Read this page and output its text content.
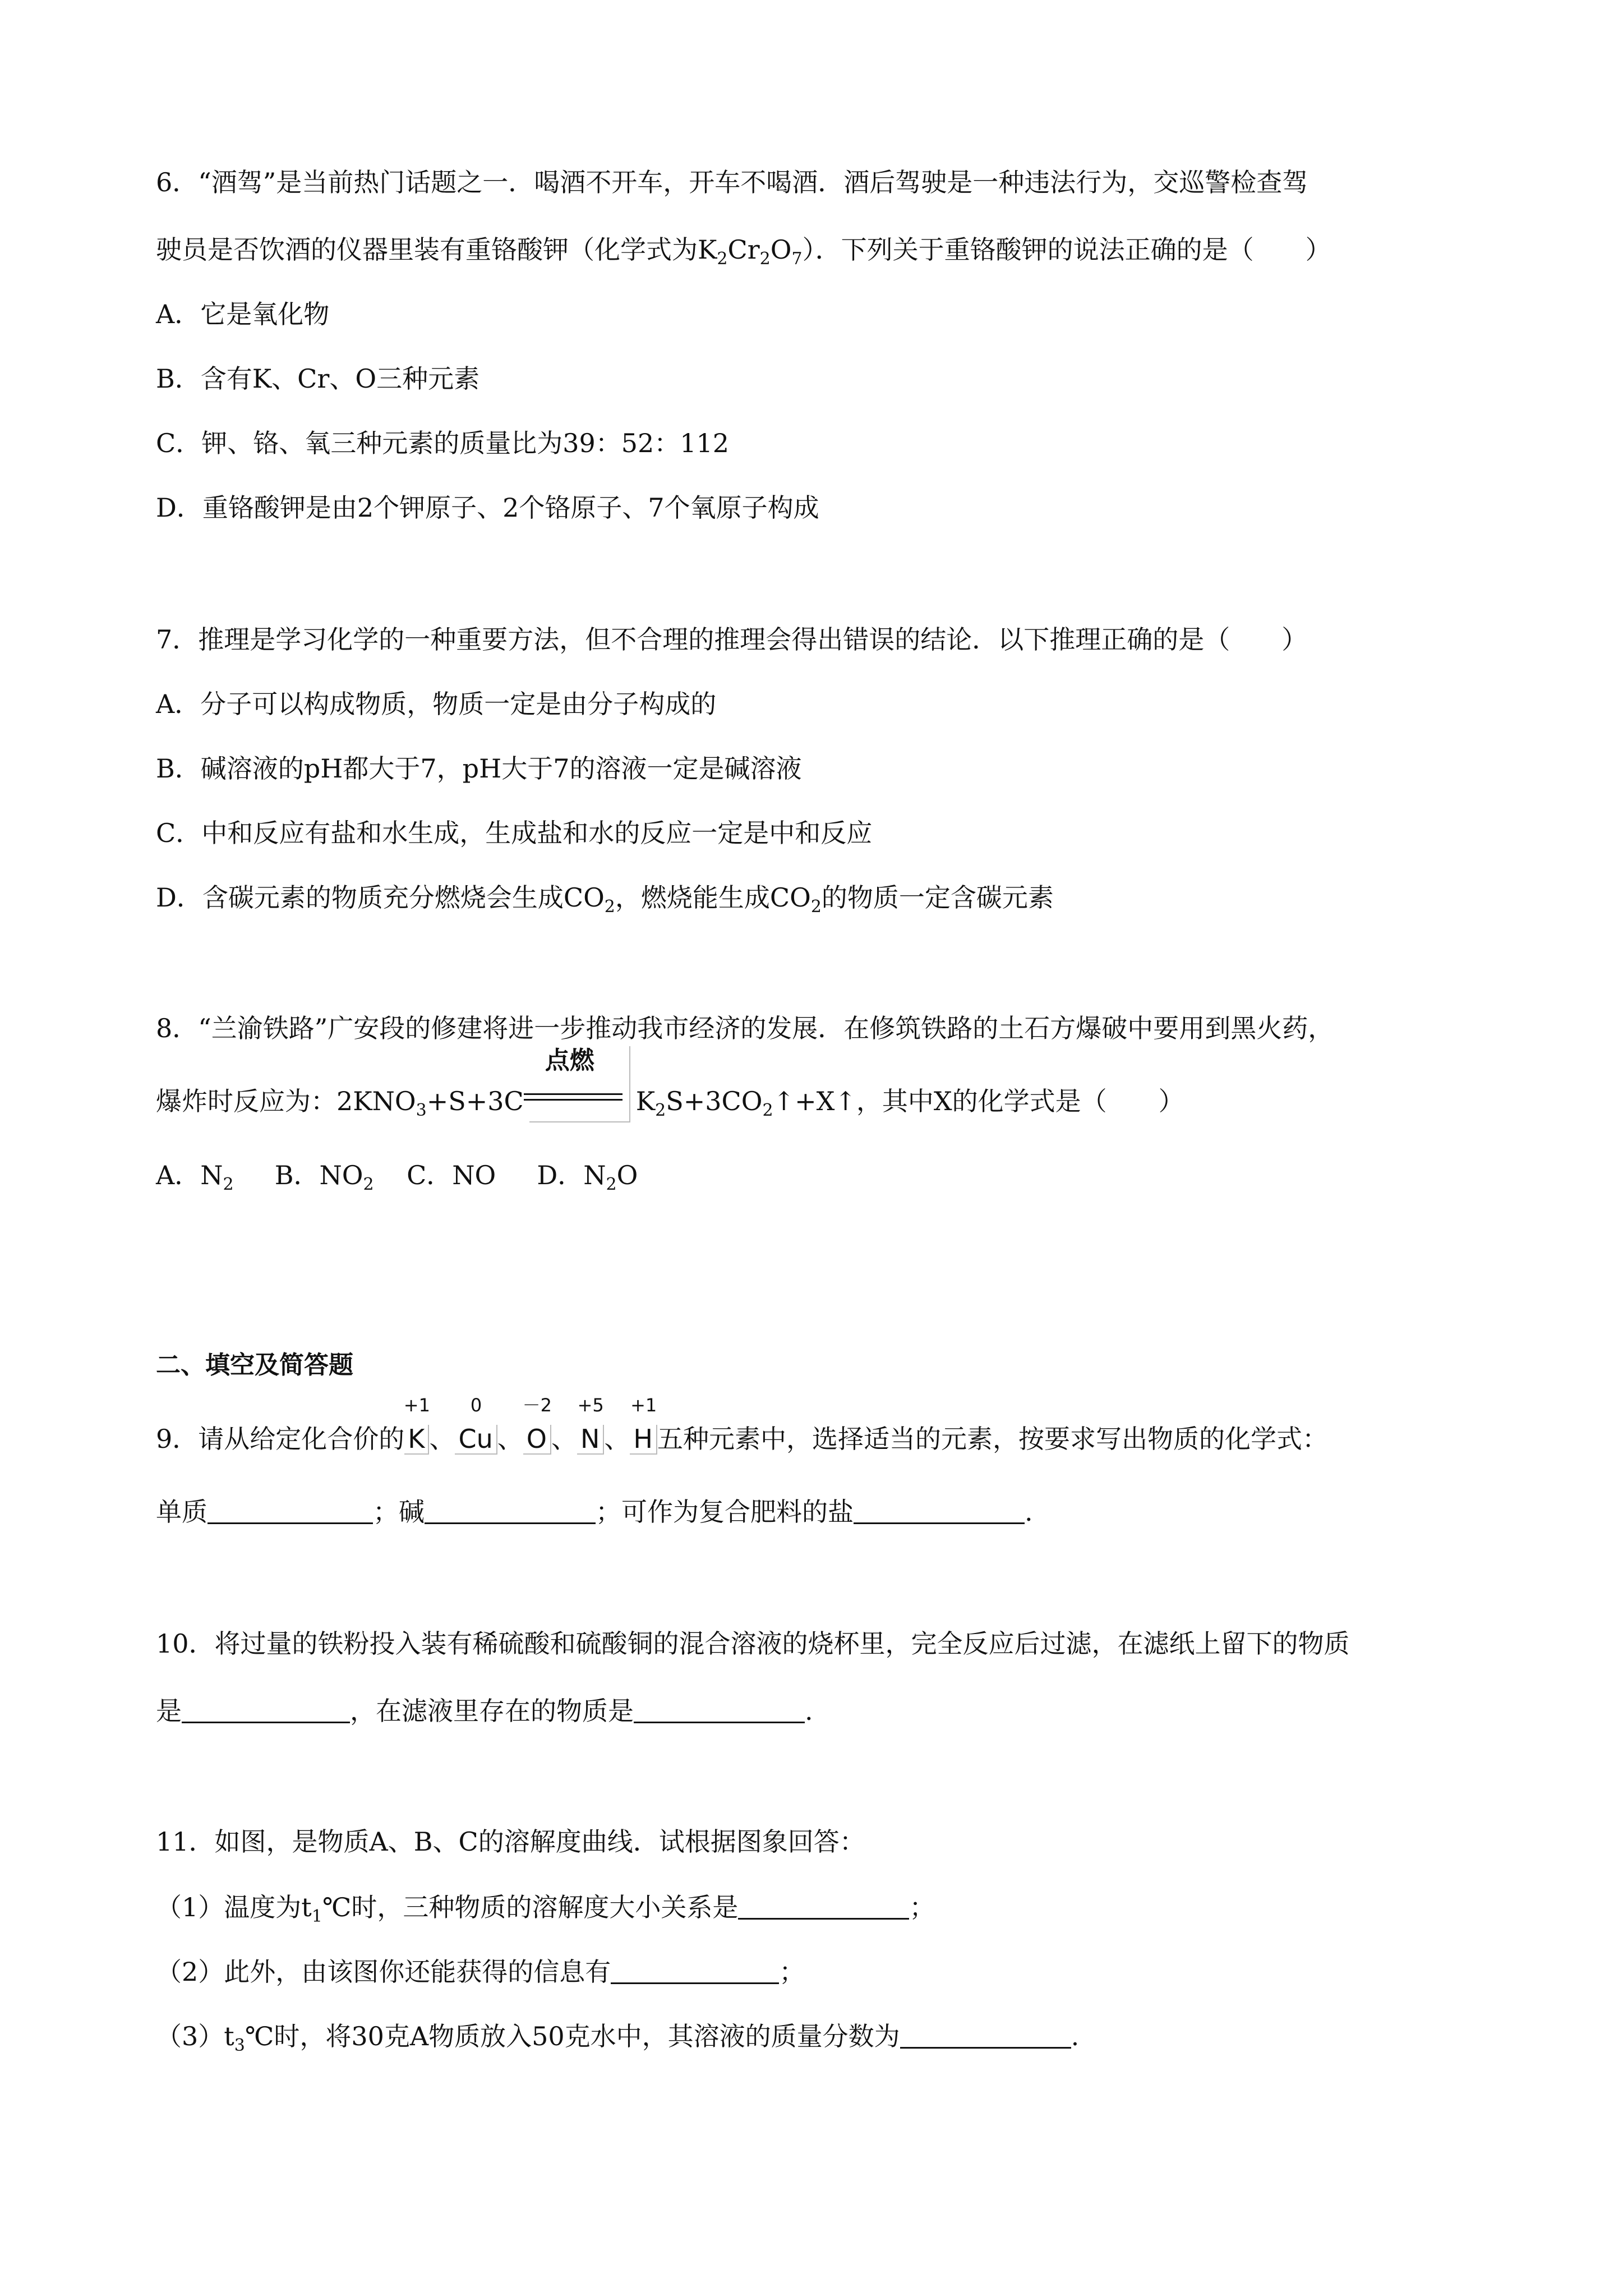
6．“酒驾”是当前热门话题之一．喝酒不开车，开车不喝酒．酒后驾驶是一种违法行为，交巡警检查驾
驶员是否饮酒的仪器里装有重铬酸钾（化学式为$K_2Cr_2O_7$）．下列关于重铬酸钾的说法正确的是（　　）
A．它是氧化物
B．含有K、Cr、O三种元素
C．钾、铬、氧三种元素的质量比为39：52：112
D．重铬酸钾是由2个钾原子、2个铬原子、7个氧原子构成
7．推理是学习化学的一种重要方法，但不合理的推理会得出错误的结论．以下推理正确的是（　　）
A．分子可以构成物质，物质一定是由分子构成的
B．碱溶液的pH都大于7，pH大于7的溶液一定是碱溶液
C．中和反应有盐和水生成，生成盐和水的反应一定是中和反应
D．含碳元素的物质充分燃烧会生成$CO_2$，燃烧能生成$CO_2$的物质一定含碳元素
8．“兰渝铁路”广安段的修建将进一步推动我市经济的发展．在修筑铁路的土石方爆破中要用到黑火药，
爆炸时反应为：$2KNO_3+S+3C$
点燃
$K_2S+3CO_2↑+X↑$，其中X的化学式是（　　）
A．$N_2$ B．$NO_2$ C．NO D．$N_2O$
二、填空及简答题
9．请从给定化合价的
+1
K 、
0
Cu 、
－2
O 、
+5
N 、
+1
H 五种元素中，选择适当的元素，按要求写出物质的化学式：
单质	；碱	；可作为复合肥料的盐	.
10．将过量的铁粉投入装有稀硫酸和硫酸铜的混合溶液的烧杯里，完全反应后过滤，在滤纸上留下的物质
是	，在滤液里存在的物质是	.
11．如图，是物质A、B、C的溶解度曲线．试根据图象回答：
（1）温度为$t_1℃$时，三种物质的溶解度大小关系是	；
（2）此外，由该图你还能获得的信息有	；
$(3)t_3℃$时，将30克A物质放入50克水中，其溶液的质量分数为	.
